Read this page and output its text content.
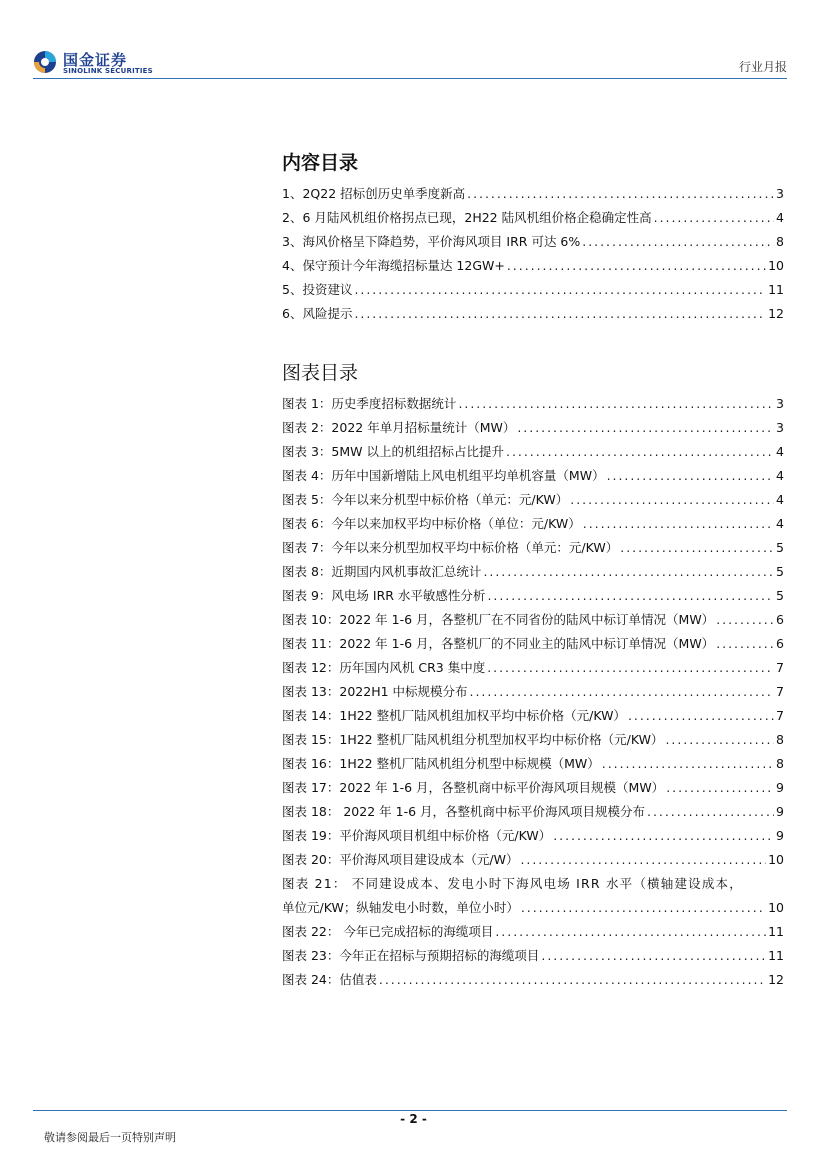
国金证券
SINOLINK SECURITIES	行业月报
内容目录
1、2Q22 招标创历史单季度新高 . . .	3
2、6 月陆风机组价格拐点已现，2H22 陆风机组价格企稳确定性高 . . .	4
3、海风价格呈下降趋势，平价海风项目 IRR 可达 6% . . .	8
4、保守预计今年海缆招标量达 12GW+ . . .	10
5、投资建议 . . .	11
6、风险提示 . . .	12
图表目录
图表 1：历史季度招标数据统计 . . .	3
图表 2：2022 年单月招标量统计（MW） . . .	3
图表 3：5MW 以上的机组招标占比提升 . . .	4
图表 4：历年中国新增陆上风电机组平均单机容量（MW） . . .	4
图表 5：今年以来分机型中标价格（单元：元/KW） . . .	4
图表 6：今年以来加权平均中标价格（单位：元/KW） . . .	4
图表 7：今年以来分机型加权平均中标价格（单元：元/KW） . . .	5
图表 8：近期国内风机事故汇总统计 . . .	5
图表 9：风电场 IRR 水平敏感性分析 . . .	5
图表 10：2022 年 1-6 月，各整机厂在不同省份的陆风中标订单情况（MW） . . .	6
图表 11：2022 年 1-6 月，各整机厂的不同业主的陆风中标订单情况（MW） . . .	6
图表 12：历年国内风机 CR3 集中度 . . .	7
图表 13：2022H1 中标规模分布 . . .	7
图表 14：1H22 整机厂陆风机组加权平均中标价格（元/KW） . . .	7
图表 15：1H22 整机厂陆风机组分机型加权平均中标价格（元/KW） . . .	8
图表 16：1H22 整机厂陆风机组分机型中标规模（MW） . . .	8
图表 17：2022 年 1-6 月，各整机商中标平价海风项目规模（MW） . . .	9
图表 18： 2022 年 1-6 月，各整机商中标平价海风项目规模分布 . . .	9
图表 19：平价海风项目机组中标价格（元/KW） . . .	9
图表 20：平价海风项目建设成本（元/W） . . .	10
图表 21： 不同建设成本、发电小时下海风电场 IRR 水平（横轴建设成本，
单位元/KW；纵轴发电小时数，单位小时） . . .	10
图表 22： 今年已完成招标的海缆项目 . . .	11
图表 23：今年正在招标与预期招标的海缆项目 . . .	11
图表 24：估值表 . . .	12
- 2 -
敬请参阅最后一页特别声明
